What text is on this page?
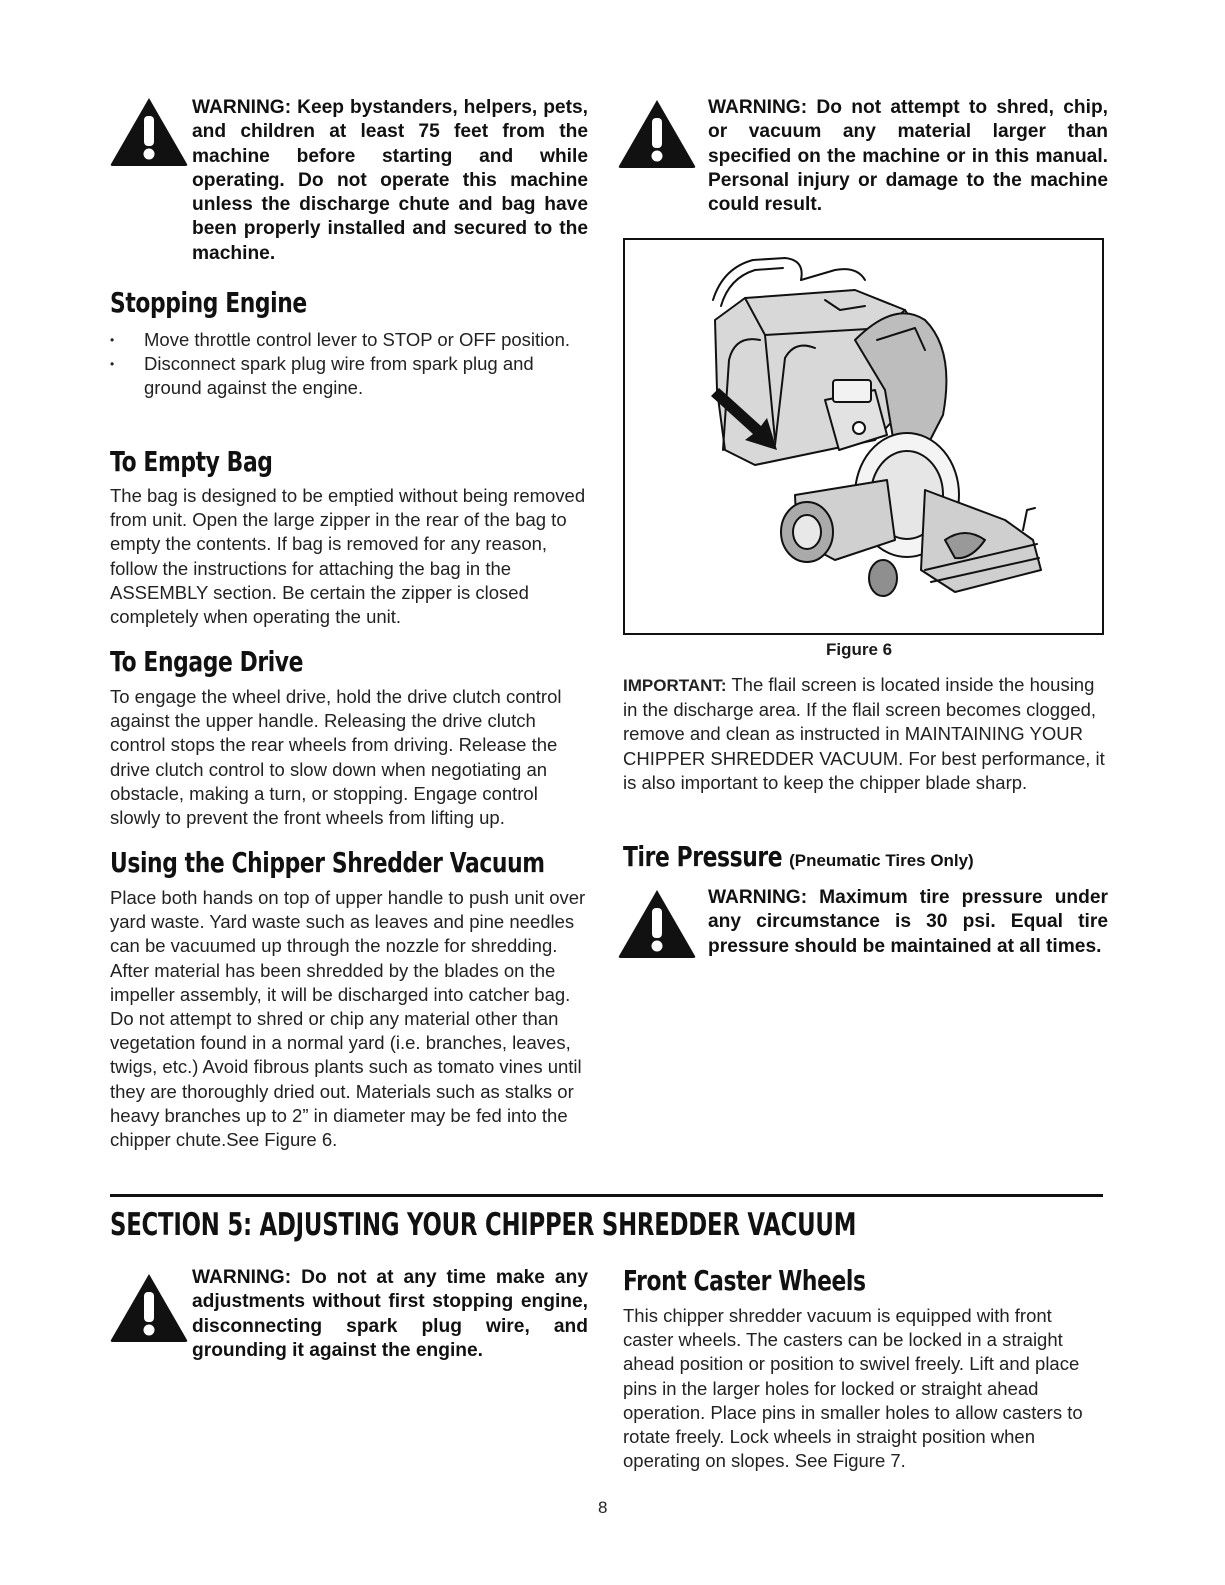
WARNING: Keep bystanders, helpers, pets, and children at least 75 feet from the machine before starting and while operating. Do not operate this machine unless the discharge chute and bag have been properly installed and secured to the machine.
Stopping Engine
• Move throttle control lever to STOP or OFF position.
• Disconnect spark plug wire from spark plug and ground against the engine.
To Empty Bag
The bag is designed to be emptied without being removed from unit. Open the large zipper in the rear of the bag to empty the contents. If bag is removed for any reason, follow the instructions for attaching the bag in the ASSEMBLY section. Be certain the zipper is closed completely when operating the unit.
To Engage Drive
To engage the wheel drive, hold the drive clutch control against the upper handle. Releasing the drive clutch control stops the rear wheels from driving. Release the drive clutch control to slow down when negotiating an obstacle, making a turn, or stopping. Engage control slowly to prevent the front wheels from lifting up.
Using the Chipper Shredder Vacuum
Place both hands on top of upper handle to push unit over yard waste. Yard waste such as leaves and pine needles can be vacuumed up through the nozzle for shredding. After material has been shredded by the blades on the impeller assembly, it will be discharged into catcher bag. Do not attempt to shred or chip any material other than vegetation found in a normal yard (i.e. branches, leaves, twigs, etc.) Avoid fibrous plants such as tomato vines until they are thoroughly dried out. Materials such as stalks or heavy branches up to 2” in diameter may be fed into the chipper chute.See Figure 6.
WARNING: Do not attempt to shred, chip, or vacuum any material larger than specified on the machine or in this manual. Personal injury or damage to the machine could result.
Figure 6
IMPORTANT: The flail screen is located inside the housing in the discharge area. If the flail screen becomes clogged, remove and clean as instructed in MAINTAINING YOUR CHIPPER SHREDDER VACUUM. For best performance, it is also important to keep the chipper blade sharp.
Tire Pressure (Pneumatic Tires Only)
WARNING: Maximum tire pressure under any circumstance is 30 psi. Equal tire pressure should be maintained at all times.
SECTION 5: ADJUSTING YOUR CHIPPER SHREDDER VACUUM
WARNING: Do not at any time make any adjustments without first stopping engine, disconnecting spark plug wire, and grounding it against the engine.
Front Caster Wheels
This chipper shredder vacuum is equipped with front caster wheels. The casters can be locked in a straight ahead position or position to swivel freely. Lift and place pins in the larger holes for locked or straight ahead operation. Place pins in smaller holes to allow casters to rotate freely. Lock wheels in straight position when operating on slopes. See Figure 7.
8
